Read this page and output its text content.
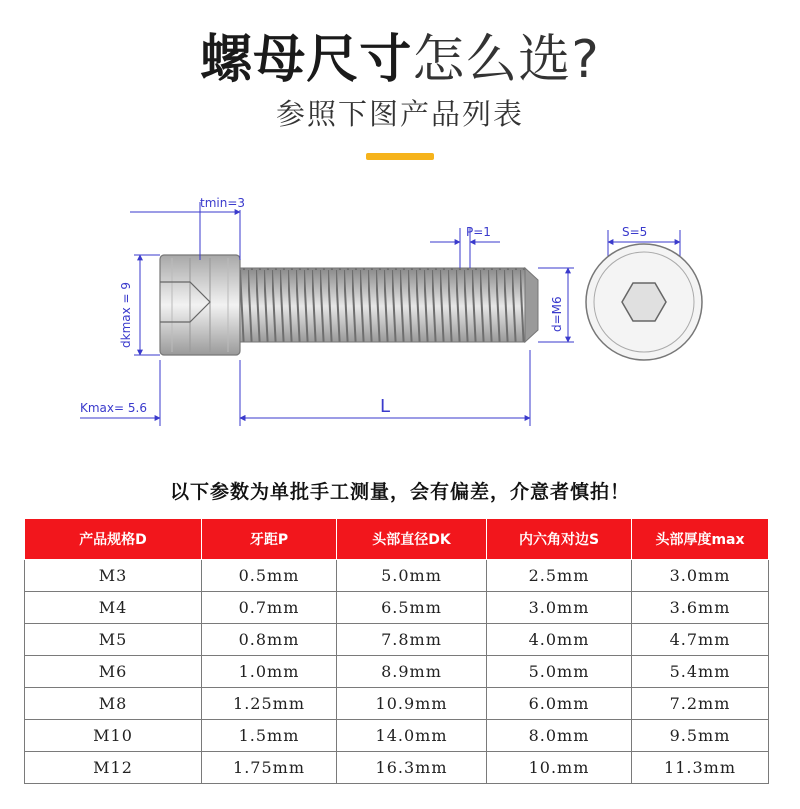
螺母尺寸怎么选?
参照下图产品列表
tmin=3
P=1	S=5
dkmax = 9	d=M6
Kmax= 5.6	L
以下参数为单批手工测量，会有偏差，介意者慎拍！
产品规格D	牙距P	头部直径DK	内六角对边S	头部厚度max
M3	0.5mm	5.0mm	2.5mm	3.0mm
M4	0.7mm	6.5mm	3.0mm	3.6mm
M5	0.8mm	7.8mm	4.0mm	4.7mm
M6	1.0mm	8.9mm	5.0mm	5.4mm
M8	1.25mm	10.9mm	6.0mm	7.2mm
M10	1.5mm	14.0mm	8.0mm	9.5mm
M12	1.75mm	16.3mm	10.mm	11.3mm
